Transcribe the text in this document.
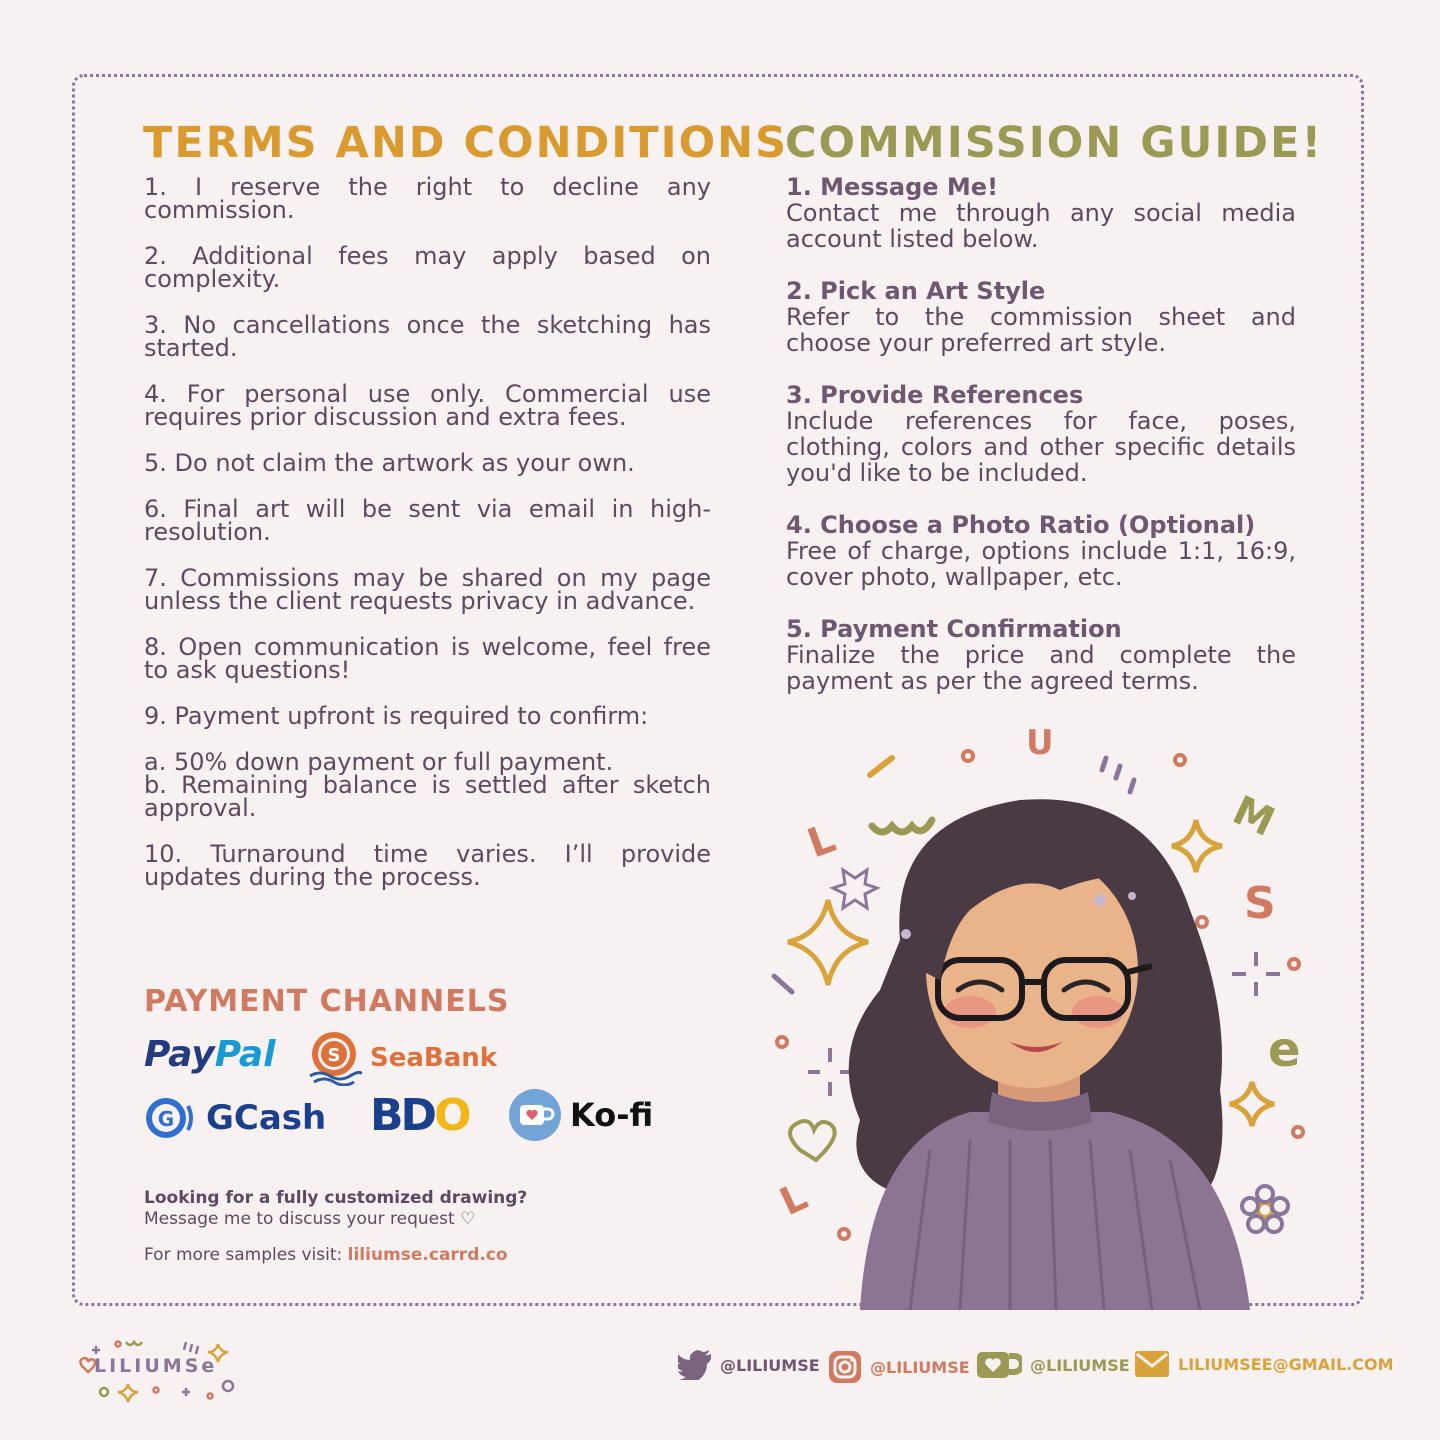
TERMS AND CONDITIONS

1. I reserve the right to decline any commission.

2. Additional fees may apply based on complexity.

3. No cancellations once the sketching has started.

4. For personal use only. Commercial use requires prior discussion and extra fees.

5. Do not claim the artwork as your own.

6. Final art will be sent via email in high-resolution.

7. Commissions may be shared on my page unless the client requests privacy in advance.

8. Open communication is welcome, feel free to ask questions!

9. Payment upfront is required to confirm:

a. 50% down payment or full payment.
b. Remaining balance is settled after sketch approval.

10. Turnaround time varies. I’ll provide updates during the process.

PAYMENT CHANNELS
Pay Pal	S SeaBank
G GCash BD O	Ko-fi
Looking for a fully customized drawing?
Message me to discuss your request ♡
For more samples visit: liliumse.carrd.co
COMMISSION GUIDE!
1. Message Me!
Contact me through any social media account listed below.
2. Pick an Art Style
Refer to the commission sheet and choose your preferred art style.
3. Provide References
Include references for face, poses, clothing, colors and other specific details you'd like to be included.
4. Choose a Photo Ratio (Optional)
Free of charge, options include 1:1, 16:9, cover photo, wallpaper, etc.
5. Payment Confirmation
Finalize the price and complete the payment as per the agreed terms.
L
U
M
S
e
L
LILIUMSe	@LILIUMSE	@LILIUMSE	@LILIUMSE	LILIUMSEE@GMAIL.COM
